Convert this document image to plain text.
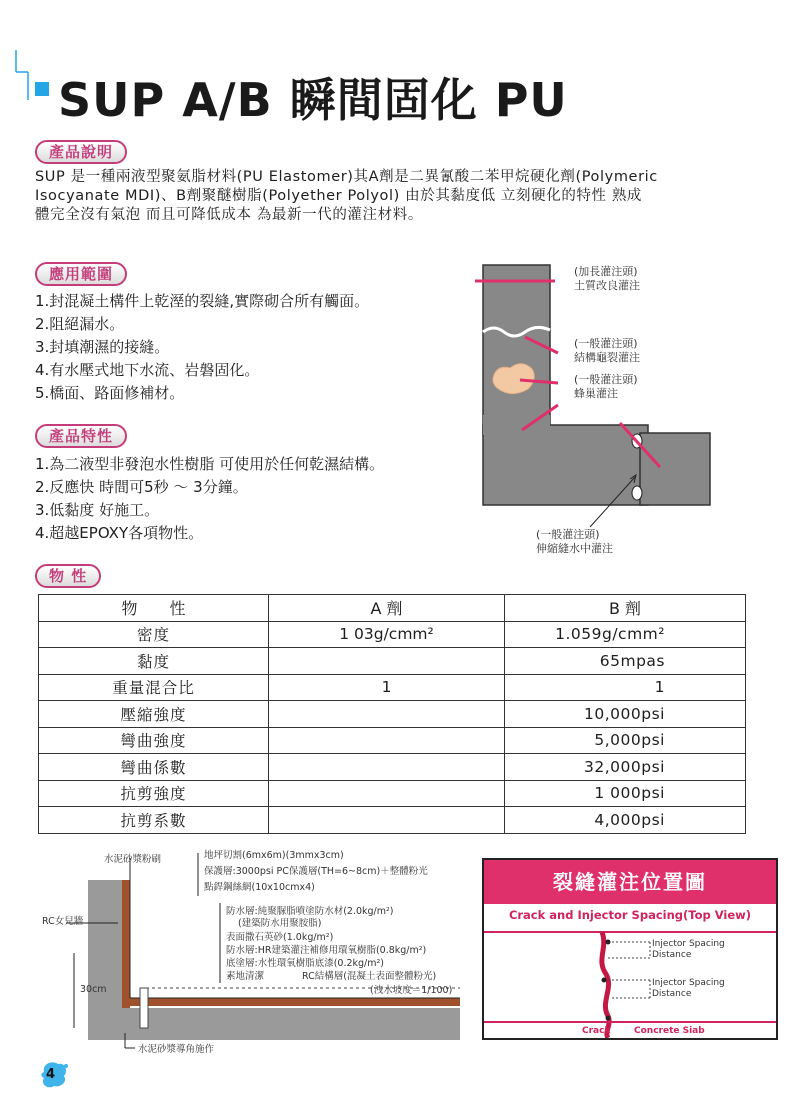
SUP A/B 瞬間固化 PU
產品說明
SUP 是一種兩液型聚氨脂材料(PU Elastomer)其A劑是二異氰酸二苯甲烷硬化劑(Polymeric
Isocyanate MDI)、B劑聚醚樹脂(Polyether Polyol) 由於其黏度低 立刻硬化的特性 熟成
體完全沒有氣泡 而且可降低成本 為最新一代的灌注材料。
應用範圍
1.封混凝土構件上乾溼的裂縫,實際砌合所有觸面。
2.阻絕漏水。
3.封填潮濕的接縫。
4.有水壓式地下水流、岩磐固化。
5.橋面、路面修補材。
產品特性
1.為二液型非發泡水性樹脂 可使用於任何乾濕結構。
2.反應快 時間可5秒 ～ 3分鐘。
3.低黏度 好施工。
4.超越EPOXY各項物性。
(加長灌注頭)
土質改良灌注
(一般灌注頭)
結構龜裂灌注
(一般灌注頭)
蜂巢灌注
(一般灌注頭)
伸縮縫水中灌注
物 性
物　　性	A 劑	B 劑
密度	1 03g/cmm²	1.059g/cmm²
黏度		65mpas
重量混合比	1	1
壓縮強度		10,000psi
彎曲強度		5,000psi
彎曲係數		32,000psi
抗剪強度		1 000psi
抗剪系數		4,000psi
水泥砂漿粉刷
RC女兒牆
30cm
地坪切割(6mx6m)(3mmx3cm)
保護層:3000psi PC保護層(TH=6~8cm)＋整體粉光
點銲鋼絲網(10x10cmx4)
防水層:純聚脲脂噴塗防水材(2.0kg/m²)
(建築防水用聚胺脂)
表面撒石英砂(1.0kg/m²)
防水層:HR建築灌注補修用環氧樹脂(0.8kg/m²)
底塗層:水性環氧樹脂底漆(0.2kg/m²)
素地清潔	RC結構層(混凝土表面整體粉光)
(洩水坡度＝1/100)
水泥砂漿導角施作
裂縫灌注位置圖
Crack and Injector Spacing(Top View)
Injector Spacing
Distance
Injector Spacing
Distance
Crack	Concrete Siab
4
